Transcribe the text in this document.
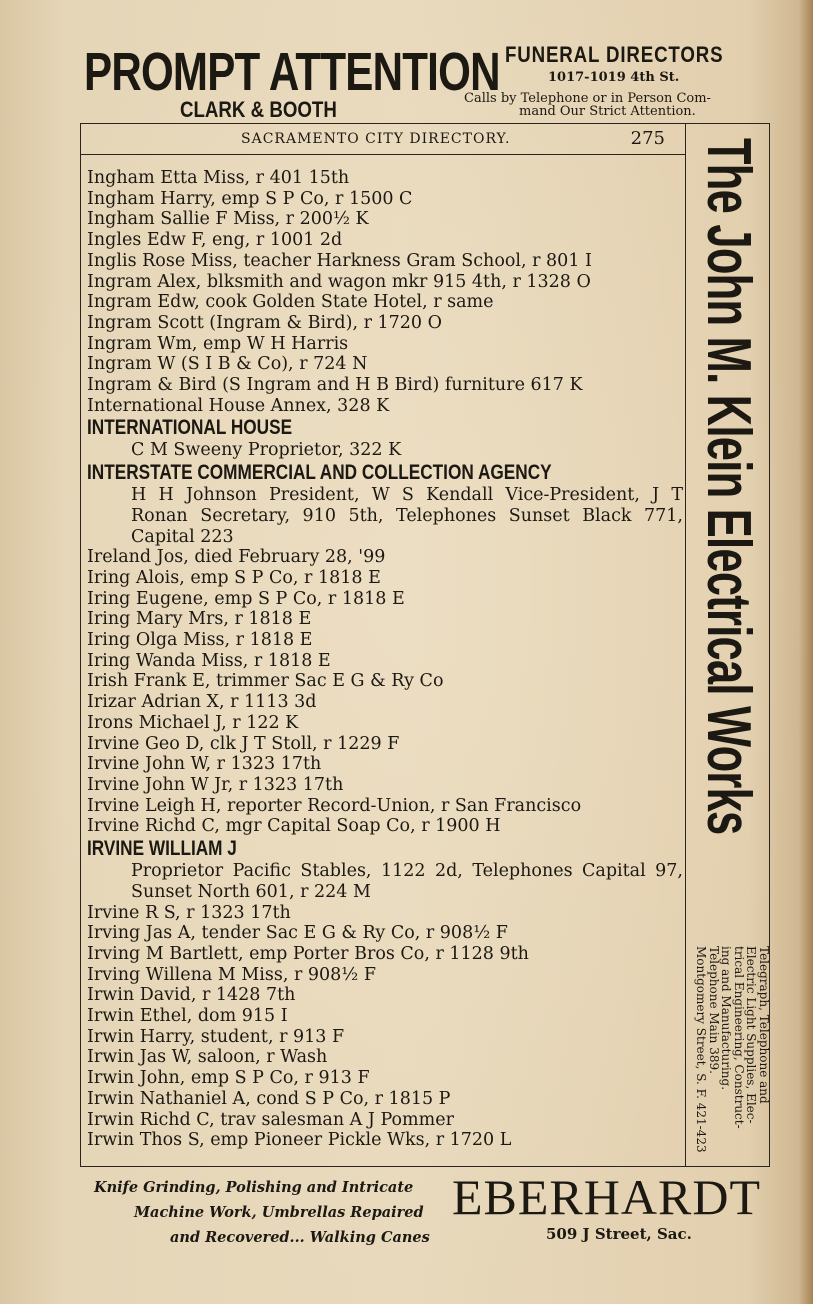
PROMPT ATTENTION
CLARK & BOOTH
FUNERAL DIRECTORS
1017-1019 4th St.
Calls by Telephone or in Person Com-
mand Our Strict Attention.
SACRAMENTO CITY DIRECTORY.	275
Ingham Etta Miss, r 401 15th
Ingham Harry, emp S P Co, r 1500 C
Ingham Sallie F Miss, r 200½ K
Ingles Edw F, eng, r 1001 2d
Inglis Rose Miss, teacher Harkness Gram School, r 801 I
Ingram Alex, blksmith and wagon mkr 915 4th, r 1328 O
Ingram Edw, cook Golden State Hotel, r same
Ingram Scott (Ingram & Bird), r 1720 O
Ingram Wm, emp W H Harris
Ingram W (S I B & Co), r 724 N
Ingram & Bird (S Ingram and H B Bird) furniture 617 K
International House Annex, 328 K
INTERNATIONAL HOUSE
C M Sweeny Proprietor, 322 K
INTERSTATE COMMERCIAL AND COLLECTION AGENCY
H H Johnson President, W S Kendall Vice-President, J T Ronan Secretary, 910 5th, Telephones Sunset Black 771, Capital 223
Ireland Jos, died February 28, '99
Iring Alois, emp S P Co, r 1818 E
Iring Eugene, emp S P Co, r 1818 E
Iring Mary Mrs, r 1818 E
Iring Olga Miss, r 1818 E
Iring Wanda Miss, r 1818 E
Irish Frank E, trimmer Sac E G & Ry Co
Irizar Adrian X, r 1113 3d
Irons Michael J, r 122 K
Irvine Geo D, clk J T Stoll, r 1229 F
Irvine John W, r 1323 17th
Irvine John W Jr, r 1323 17th
Irvine Leigh H, reporter Record-Union, r San Francisco
Irvine Richd C, mgr Capital Soap Co, r 1900 H
IRVINE WILLIAM J
Proprietor Pacific Stables, 1122 2d, Telephones Capital 97, Sunset North 601, r 224 M
Irvine R S, r 1323 17th
Irving Jas A, tender Sac E G & Ry Co, r 908½ F
Irving M Bartlett, emp Porter Bros Co, r 1128 9th
Irving Willena M Miss, r 908½ F
Irwin David, r 1428 7th
Irwin Ethel, dom 915 I
Irwin Harry, student, r 913 F
Irwin Jas W, saloon, r Wash
Irwin John, emp S P Co, r 913 F
Irwin Nathaniel A, cond S P Co, r 1815 P
Irwin Richd C, trav salesman A J Pommer
Irwin Thos S, emp Pioneer Pickle Wks, r 1720 L
The John M. Klein Electrical Works
Telegraph, Telephone and
Electric Light Supplies, Elec-
trical Engineering, Construct-
ing and Manufacturing.
Telephone Main 389.
Montgomery Street, S. F. 421-423
Knife Grinding, Polishing and Intricate
Machine Work, Umbrellas Repaired
and Recovered... Walking Canes
EBERHARDT
509 J Street, Sac.
